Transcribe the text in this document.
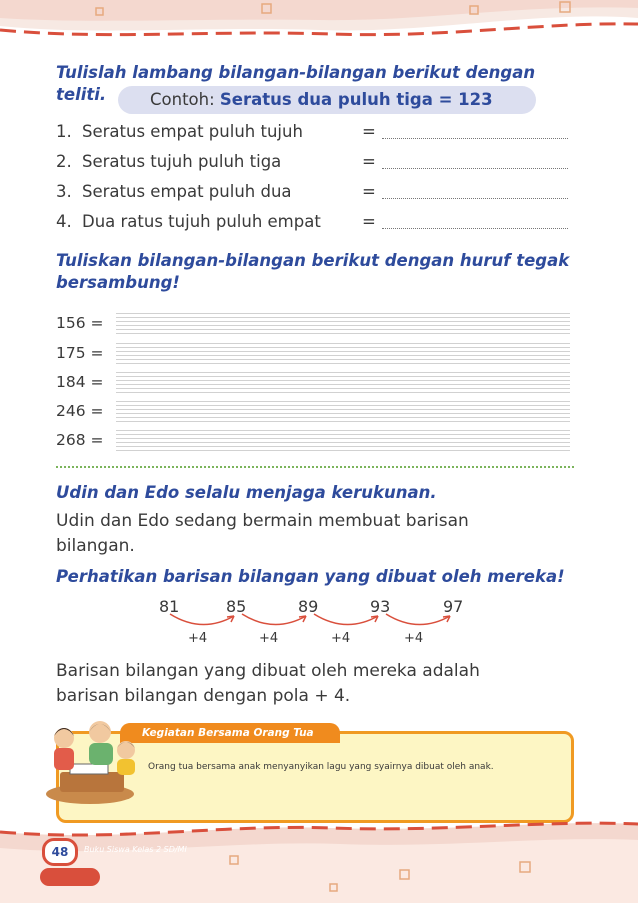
Tulislah lambang bilangan-bilangan berikut dengan teliti.	Contoh: Seratus dua puluh tiga = 123
1. Seratus empat puluh tujuh	=
2. Seratus tujuh puluh tiga	=
3. Seratus empat puluh dua	=
4. Dua ratus tujuh puluh empat =
Tuliskan bilangan-bilangan berikut dengan huruf tegak bersambung!
156 =
175 =
184 =
246 =
268 =
Udin dan Edo selalu menjaga kerukunan.
Udin dan Edo sedang bermain membuat barisan bilangan.
Perhatikan barisan bilangan yang dibuat oleh mereka!
81	85	89	93	97
+4	+4	+4	+4
Barisan bilangan yang dibuat oleh mereka adalah barisan bilangan dengan pola + 4.
Kegiatan Bersama Orang Tua
Orang tua bersama anak menyanyikan lagu yang syairnya dibuat oleh anak.
48	Buku Siswa Kelas 2 SD/MI
